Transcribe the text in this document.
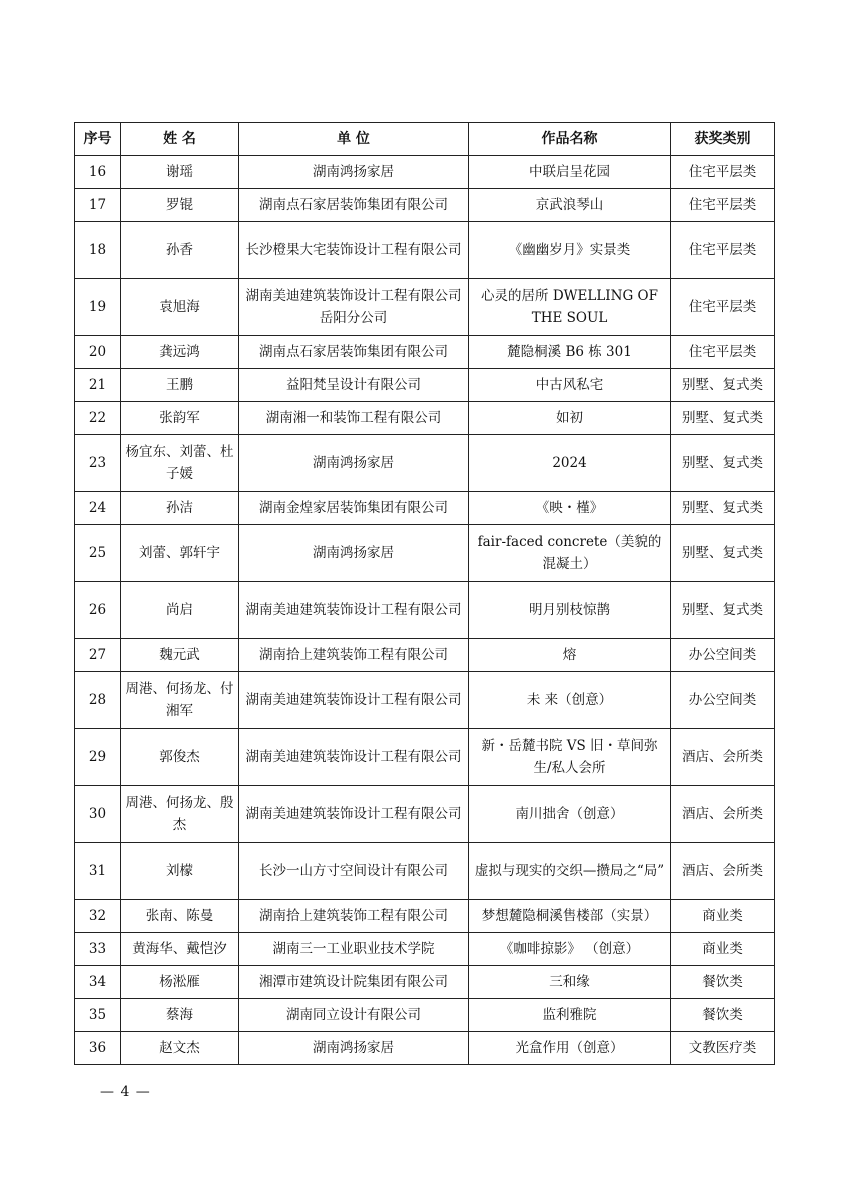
序号	姓 名	单 位	作品名称	获奖类别
16	谢瑶	湖南鸿扬家居	中联启呈花园	住宅平层类
17	罗锟	湖南点石家居装饰集团有限公司	京武浪琴山	住宅平层类
18	孙香	长沙橙果大宅装饰设计工程有限公司	《幽幽岁月》实景类	住宅平层类
19	袁旭海	湖南美迪建筑装饰设计工程有限公司岳阳分公司	心灵的居所 DWELLING OF THE SOUL	住宅平层类
20	龚远鸿	湖南点石家居装饰集团有限公司	麓隐桐溪 B6 栋 301	住宅平层类
21	王鹏	益阳梵呈设计有限公司	中古风私宅	别墅、复式类
22	张韵军	湖南湘一和装饰工程有限公司	如初	别墅、复式类
23	杨宜东、刘蕾、杜子媛	湖南鸿扬家居	2024	别墅、复式类
24	孙洁	湖南金煌家居装饰集团有限公司	《映・槿》	别墅、复式类
25	刘蕾、郭轩宇	湖南鸿扬家居	fair-faced concrete（美貌的混凝土）	别墅、复式类
26	尚启	湖南美迪建筑装饰设计工程有限公司	明月别枝惊鹊	别墅、复式类
27	魏元武	湖南拾上建筑装饰工程有限公司	熔	办公空间类
28	周港、何扬龙、付湘军	湖南美迪建筑装饰设计工程有限公司	未 来（创意）	办公空间类
29	郭俊杰	湖南美迪建筑装饰设计工程有限公司	新・岳麓书院 VS 旧・草间弥生/私人会所	酒店、会所类
30	周港、何扬龙、殷杰	湖南美迪建筑装饰设计工程有限公司	南川拙舍（创意）	酒店、会所类
31	刘檬	长沙一山方寸空间设计有限公司	虚拟与现实的交织—攒局之“局”	酒店、会所类
32	张南、陈曼	湖南拾上建筑装饰工程有限公司	梦想麓隐桐溪售楼部（实景）	商业类
33	黄海华、戴恺汐	湖南三一工业职业技术学院	《咖啡掠影》 （创意）	商业类
34	杨淞雁	湘潭市建筑设计院集团有限公司	三和缘	餐饮类
35	蔡海	湖南同立设计有限公司	监利雅院	餐饮类
36	赵文杰	湖南鸿扬家居	光盒作用（创意）	文教医疗类
— 4 —
